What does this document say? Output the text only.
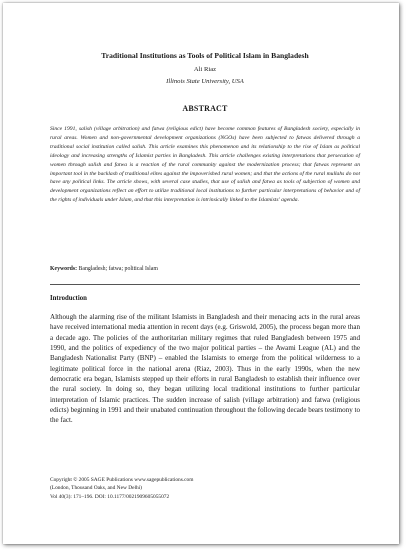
Traditional Institutions as Tools of Political Islam in Bangladesh
Ali Riaz
Illinois State University, USA
ABSTRACT

Since 1991, salish (village arbitration) and fatwa (religious edict) have become common features of Bangladesh society, especially in rural areas. Women and non-governmental development organizations (NGOs) have been subjected to fatwas delivered through a traditional social institution called salish. This article examines this phenomenon and its relationship to the rise of Islam as political ideology and increasing strengths of Islamist parties in Bangladesh. This article challenges existing interpretations that persecution of women through salish and fatwa is a reaction of the rural community against the modernization process; that fatwas represent an important tool in the backlash of traditional elites against the impoverished rural women; and that the actions of the rural mullahs do not have any political links. The article shows, with several case studies, that use of salish and fatwa as tools of subjection of women and development organizations reflect an effort to utilize traditional local institutions to further particular interpretations of behavior and of the rights of individuals under Islam, and that this interpretation is intrinsically linked to the Islamists' agenda.

Keywords: Bangladesh; fatwa; political Islam
Introduction

Although the alarming rise of the militant Islamists in Bangladesh and their menacing acts in the rural areas have received international media attention in recent days (e.g. Griswold, 2005), the process began more than a decade ago. The policies of the authoritarian military regimes that ruled Bangladesh between 1975 and 1990, and the politics of expediency of the two major political parties – the Awami League (AL) and the Bangladesh Nationalist Party (BNP) – enabled the Islamists to emerge from the political wilderness to a legitimate political force in the national arena (Riaz, 2003). Thus in the early 1990s, when the new democratic era began, Islamists stepped up their efforts in rural Bangladesh to establish their influence over the rural society. In doing so, they began utilizing local traditional institutions to further particular interpretation of Islamic practices. The sudden increase of salish (village arbitration) and fatwa (religious edicts) beginning in 1991 and their unabated continuation throughout the following decade bears testimony to the fact.

Copyright © 2005 SAGE Publications www.sagepublications.com
(London, Thousand Oaks, and New Delhi)
Vol 40(3): 171–196. DOI: 10.1177/0021909605055072
